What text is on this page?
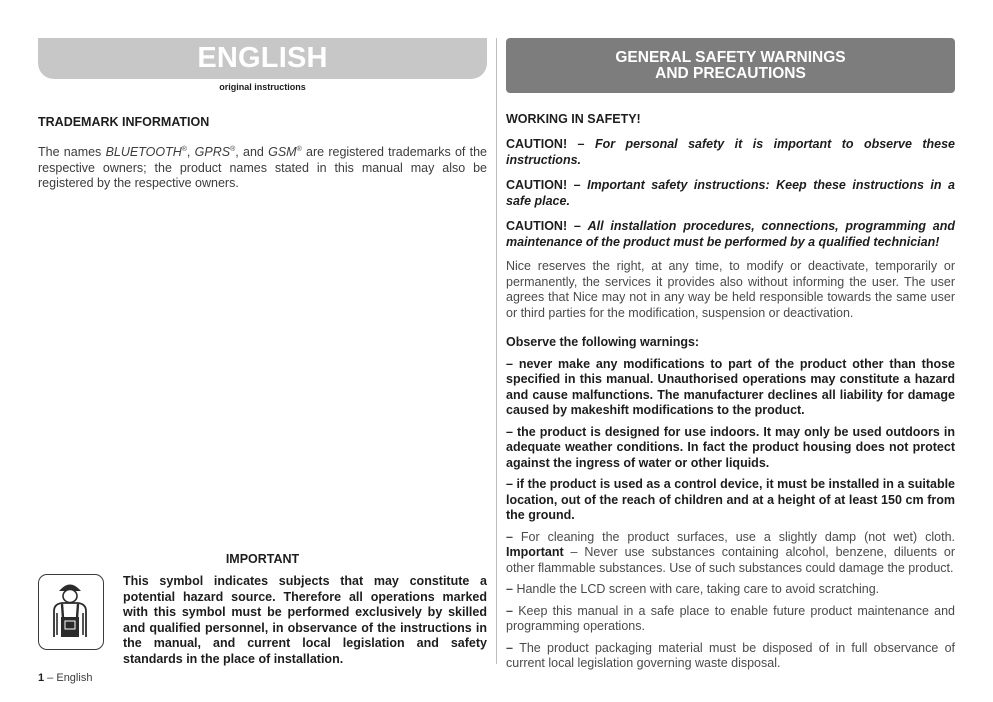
ENGLISH
original instructions
TRADEMARK INFORMATION
The names BLUETOOTH®, GPRS®, and GSM® are registered trademarks of the respective owners; the product names stated in this manual may also be registered by the respective owners.
IMPORTANT
This symbol indicates subjects that may constitute a potential hazard source. Therefore all operations marked with this symbol must be performed exclusively by skilled and qualified personnel, in observance of the instructions in the manual, and current local legislation and safety standards in the place of installation.
1 – English
GENERAL SAFETY WARNINGS
AND PRECAUTIONS
WORKING IN SAFETY!

CAUTION! – For personal safety it is important to observe these instructions.

CAUTION! – Important safety instructions: Keep these instructions in a safe place.

CAUTION! – All installation procedures, connections, programming and maintenance of the product must be performed by a qualified technician!

Nice reserves the right, at any time, to modify or deactivate, temporarily or permanently, the services it provides also without informing the user. The user agrees that Nice may not in any way be held responsible towards the same user or third parties for the modification, suspension or deactivation.

Observe the following warnings:

– never make any modifications to part of the product other than those specified in this manual. Unauthorised operations may constitute a hazard and cause malfunctions. The manufacturer declines all liability for damage caused by makeshift modifications to the product.

– the product is designed for use indoors. It may only be used outdoors in adequate weather conditions. In fact the product housing does not protect against the ingress of water or other liquids.

– if the product is used as a control device, it must be installed in a suitable location, out of the reach of children and at a height of at least 150 cm from the ground.

– For cleaning the product surfaces, use a slightly damp (not wet) cloth. Important – Never use substances containing alcohol, benzene, diluents or other flammable substances. Use of such substances could damage the product.

– Handle the LCD screen with care, taking care to avoid scratching.

– Keep this manual in a safe place to enable future product maintenance and programming operations.

– The product packaging material must be disposed of in full observance of current local legislation governing waste disposal.
